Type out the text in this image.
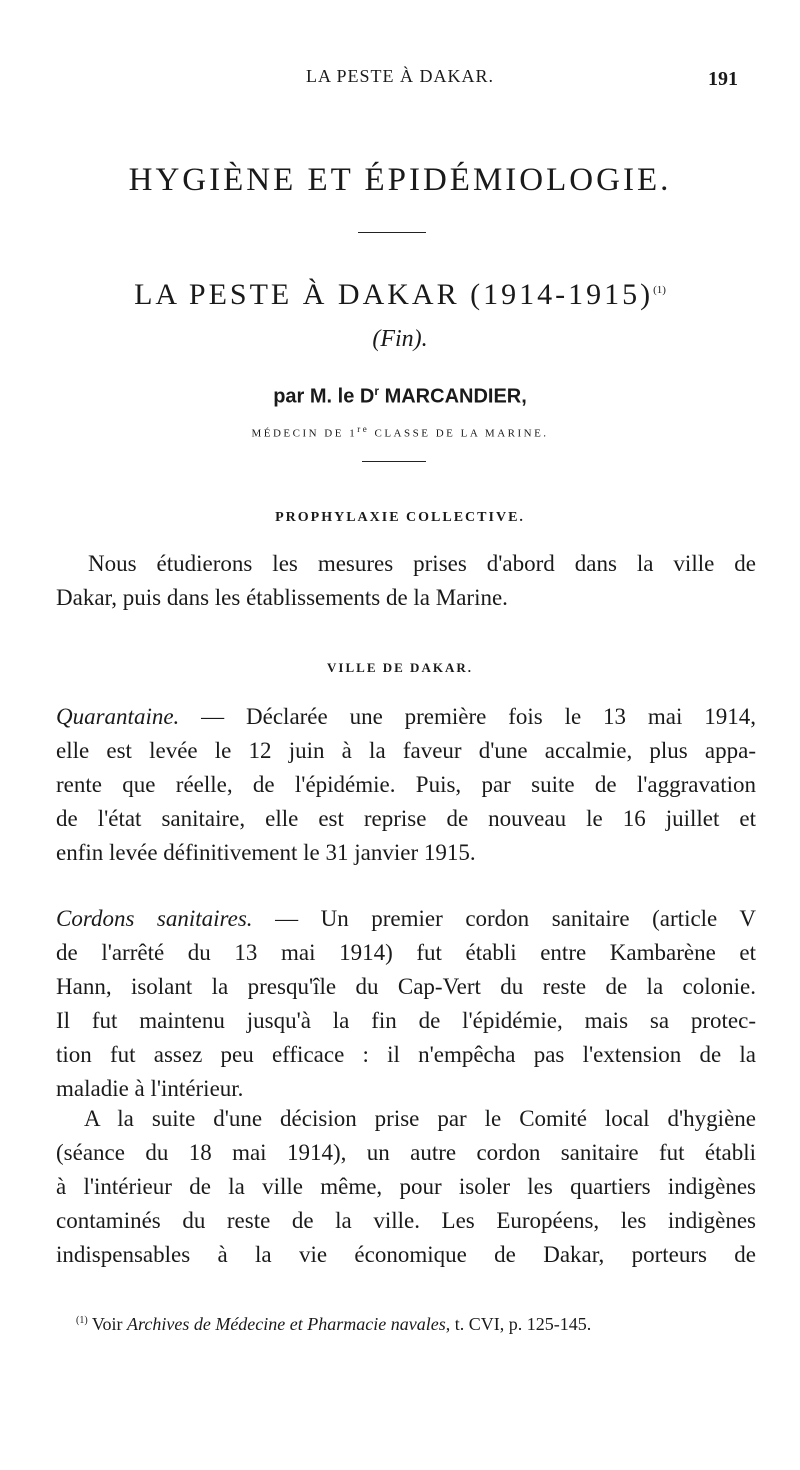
LA PESTE À DAKAR.	191
HYGIÈNE ET ÉPIDÉMIOLOGIE.
LA PESTE À DAKAR (1914-1915)$^{(1)}$
(Fin).
par M. le $D^r$ MARCANDIER,
MÉDECIN DE 1re CLASSE DE LA MARINE.
PROPHYLAXIE COLLECTIVE.
Nous étudierons les mesures prises d'abord dans la ville de
Dakar, puis dans les établissements de la Marine.
VILLE DE DAKAR.
Quarantaine. — Déclarée une première fois le 13 mai 1914,
elle est levée le 12 juin à la faveur d'une accalmie, plus appa-
rente que réelle, de l'épidémie. Puis, par suite de l'aggravation
de l'état sanitaire, elle est reprise de nouveau le 16 juillet et
enfin levée définitivement le 31 janvier 1915.
Cordons sanitaires. — Un premier cordon sanitaire (article V
de l'arrêté du 13 mai 1914) fut établi entre Kambarène et
Hann, isolant la presqu'île du Cap-Vert du reste de la colonie.
Il fut maintenu jusqu'à la fin de l'épidémie, mais sa protec-
tion fut assez peu efficace : il n'empêcha pas l'extension de la
maladie à l'intérieur.
A la suite d'une décision prise par le Comité local d'hygiène
(séance du 18 mai 1914), un autre cordon sanitaire fut établi
à l'intérieur de la ville même, pour isoler les quartiers indigènes
contaminés du reste de la ville. Les Européens, les indigènes
indispensables à la vie économique de Dakar, porteurs de
$^{(1)}$ Voir Archives de Médecine et Pharmacie navales, t. CVI, p. 125-145.
